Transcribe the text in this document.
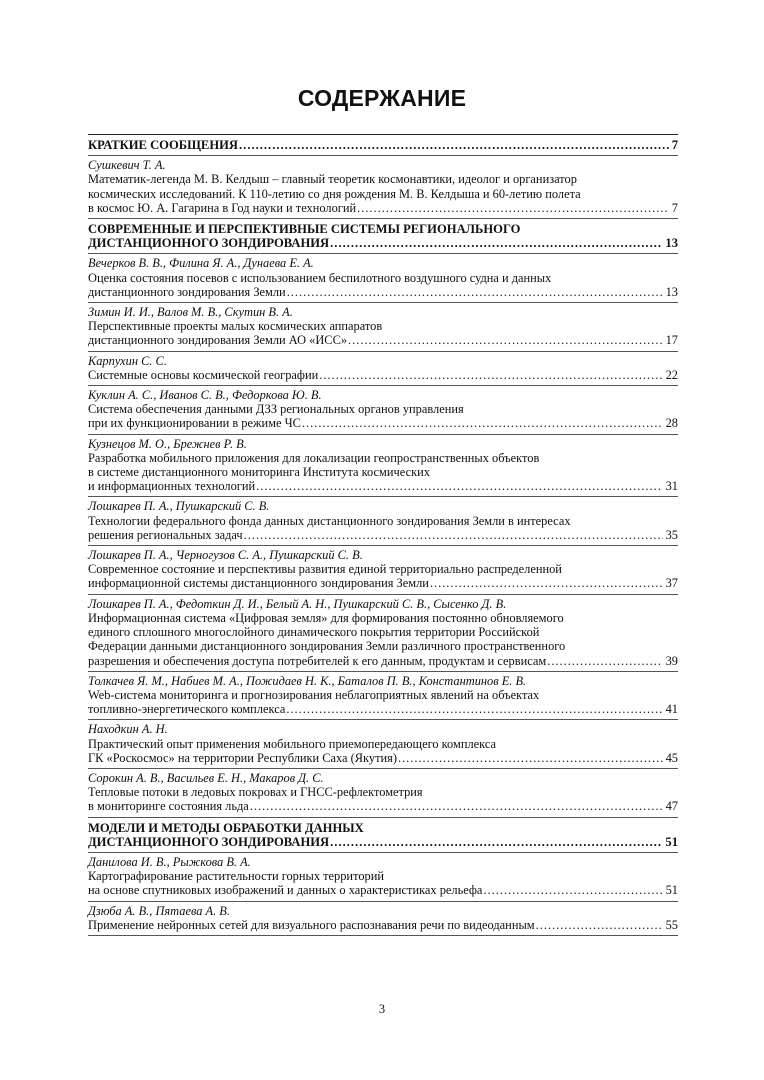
СОДЕРЖАНИЕ
КРАТКИЕ СООБЩЕНИЯ .....	7
Сушкевич Т. А.
Математик-легенда М. В. Келдыш – главный теоретик космонавтики, идеолог и организатор
космических исследований. К 110-летию со дня рождения М. В. Келдыша и 60-летию полета
в космос Ю. А. Гагарина в Год науки и технологий .....	7
СОВРЕМЕННЫЕ И ПЕРСПЕКТИВНЫЕ СИСТЕМЫ РЕГИОНАЛЬНОГО
ДИСТАНЦИОННОГО ЗОНДИРОВАНИЯ .....	13
Вечерков В. В., Филина Я. А., Дунаева Е. А.
Оценка состояния посевов с использованием беспилотного воздушного судна и данных
дистанционного зондирования Земли .....	13
Зимин И. И., Валов М. В., Скутин В. А.
Перспективные проекты малых космических аппаратов
дистанционного зондирования Земли АО «ИСС» .....	17
Карпухин С. С.
Системные основы космической географии .....	22
Куклин А. С., Иванов С. В., Федоркова Ю. В.
Система обеспечения данными ДЗЗ региональных органов управления
при их функционировании в режиме ЧС .....	28
Кузнецов М. О., Брежнев Р. В.
Разработка мобильного приложения для локализации геопространственных объектов
в системе дистанционного мониторинга Института космических
и информационных технологий .....	31
Лошкарев П. А., Пушкарский С. В.
Технологии федерального фонда данных дистанционного зондирования Земли в интересах
решения региональных задач .....	35
Лошкарев П. А., Черногузов С. А., Пушкарский С. В.
Современное состояние и перспективы развития единой территориально распределенной
информационной системы дистанционного зондирования Земли .....	37
Лошкарев П. А., Федоткин Д. И., Белый А. Н., Пушкарский С. В., Сысенко Д. В.
Информационная система «Цифровая земля» для формирования постоянно обновляемого
единого сплошного многослойного динамического покрытия территории Российской
Федерации данными дистанционного зондирования Земли различного пространственного
разрешения и обеспечения доступа потребителей к его данным, продуктам и сервисам .....	39
Толкачев Я. М., Набиев М. А., Пожидаев Н. К., Баталов П. В., Константинов Е. В.
Web-система мониторинга и прогнозирования неблагоприятных явлений на объектах
топливно-энергетического комплекса .....	41
Находкин А. Н.
Практический опыт применения мобильного приемопередающего комплекса
ГК «Роскосмос» на территории Республики Саха (Якутия) .....	45
Сорокин А. В., Васильев Е. Н., Макаров Д. С.
Тепловые потоки в ледовых покровах и ГНСС-рефлектометрия
в мониторинге состояния льда .....	47
МОДЕЛИ И МЕТОДЫ ОБРАБОТКИ ДАННЫХ
ДИСТАНЦИОННОГО ЗОНДИРОВАНИЯ .....	51
Данилова И. В., Рыжкова В. А.
Картографирование растительности горных территорий
на основе спутниковых изображений и данных о характеристиках рельефа .....	51
Дзюба А. В., Пятаева А. В.
Применение нейронных сетей для визуального распознавания речи по видеоданным .....	55
3
